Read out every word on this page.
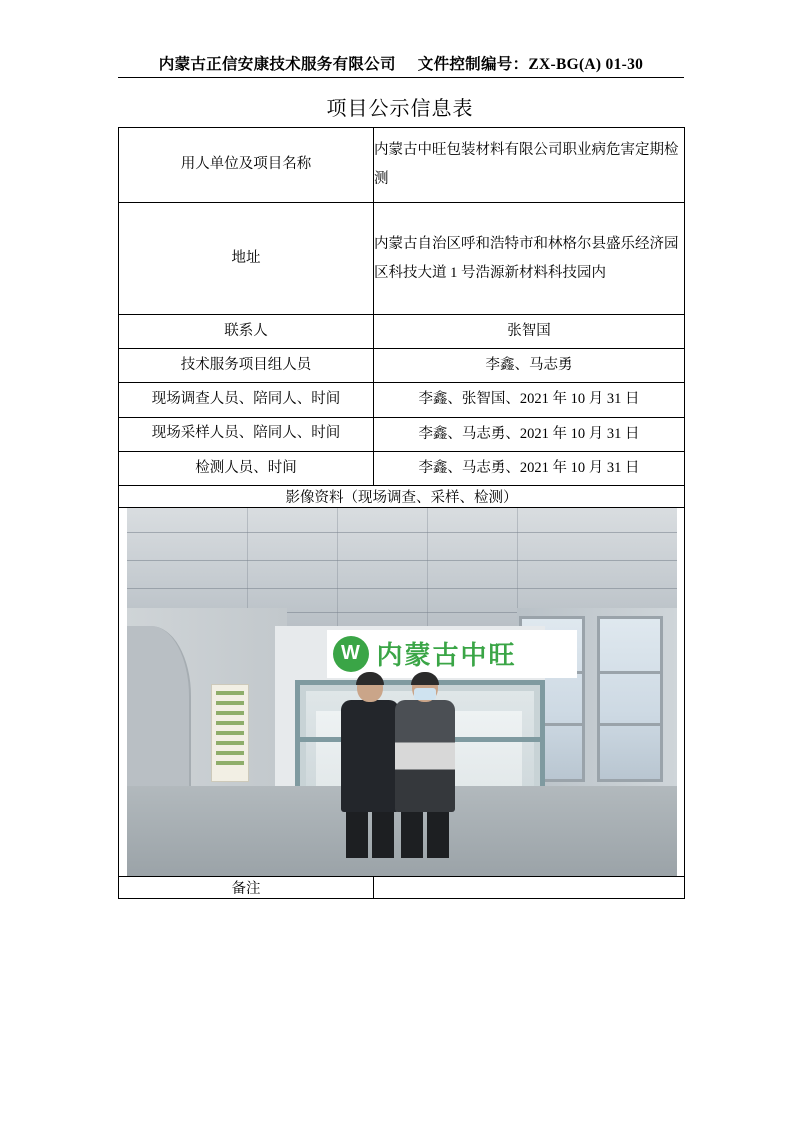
内蒙古正信安康技术服务有限公司 文件控制编号：ZX-BG(A) 01-30
项目公示信息表
用人单位及项目名称	内蒙古中旺包装材料有限公司职业病危害定期检测
地址	内蒙古自治区呼和浩特市和林格尔县盛乐经济园区科技大道 1 号浩源新材料科技园内
联系人	张智国
技术服务项目组人员	李鑫、马志勇
现场调查人员、陪同人、时间	李鑫、张智国、2021 年 10 月 31 日
现场采样人员、陪同人、时间	李鑫、马志勇、2021 年 10 月 31 日
检测人员、时间	李鑫、马志勇、2021 年 10 月 31 日
影像资料（现场调查、采样、检测）	

W 内蒙古中旺	

备注	
